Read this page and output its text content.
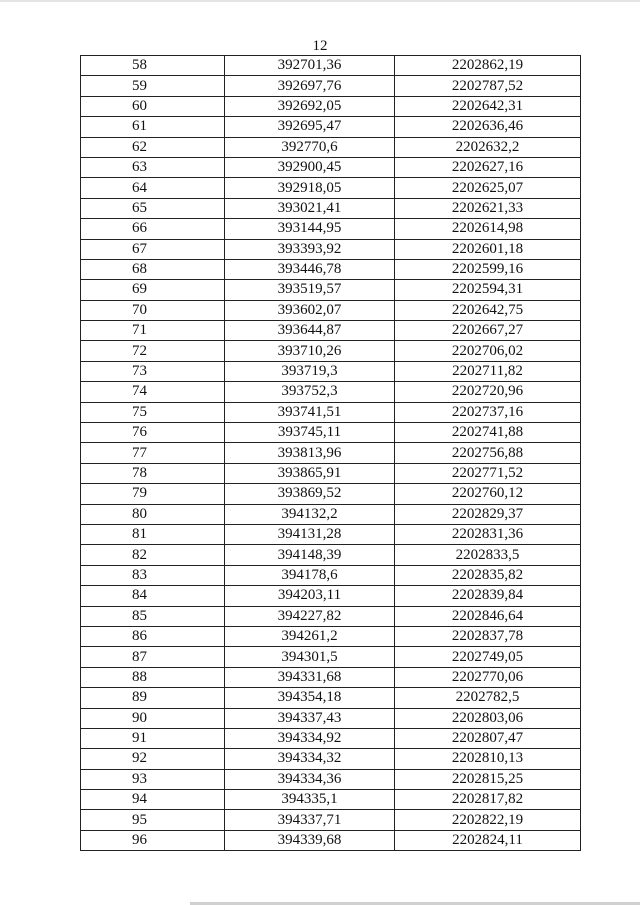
12
58	392701,36	2202862,19
59	392697,76	2202787,52
60	392692,05	2202642,31
61	392695,47	2202636,46
62	392770,6	2202632,2
63	392900,45	2202627,16
64	392918,05	2202625,07
65	393021,41	2202621,33
66	393144,95	2202614,98
67	393393,92	2202601,18
68	393446,78	2202599,16
69	393519,57	2202594,31
70	393602,07	2202642,75
71	393644,87	2202667,27
72	393710,26	2202706,02
73	393719,3	2202711,82
74	393752,3	2202720,96
75	393741,51	2202737,16
76	393745,11	2202741,88
77	393813,96	2202756,88
78	393865,91	2202771,52
79	393869,52	2202760,12
80	394132,2	2202829,37
81	394131,28	2202831,36
82	394148,39	2202833,5
83	394178,6	2202835,82
84	394203,11	2202839,84
85	394227,82	2202846,64
86	394261,2	2202837,78
87	394301,5	2202749,05
88	394331,68	2202770,06
89	394354,18	2202782,5
90	394337,43	2202803,06
91	394334,92	2202807,47
92	394334,32	2202810,13
93	394334,36	2202815,25
94	394335,1	2202817,82
95	394337,71	2202822,19
96	394339,68	2202824,11
